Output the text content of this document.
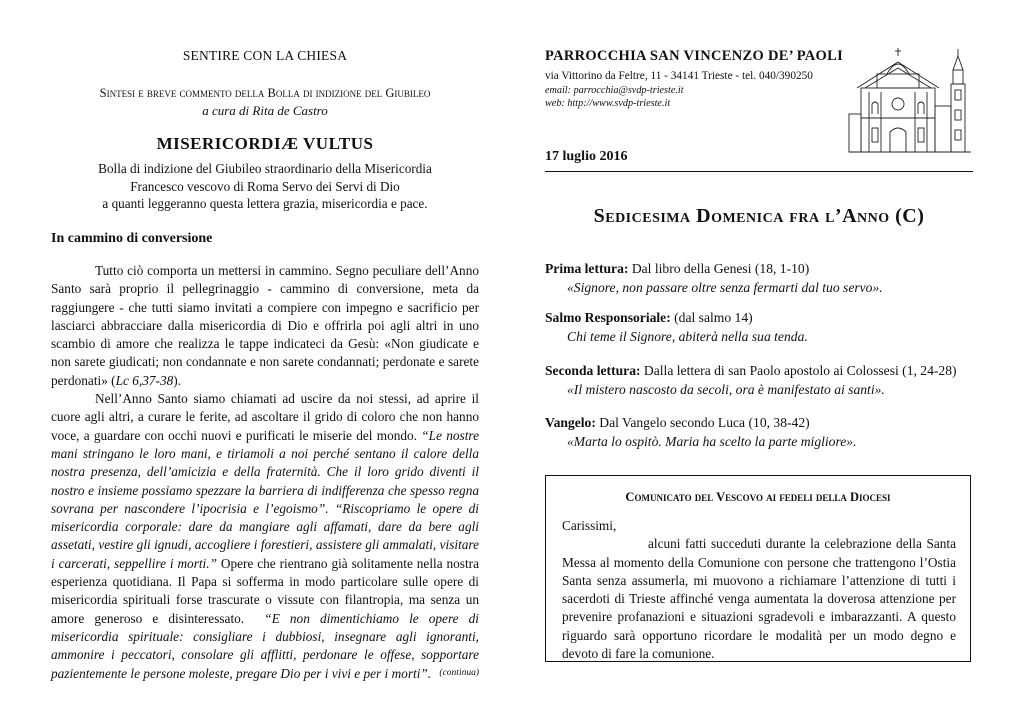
SENTIRE CON LA CHIESA
Sintesi e breve commento della Bolla di indizione del Giubileo
a cura di Rita de Castro
MISERICORDIÆ VULTUS
Bolla di indizione del Giubileo straordinario della Misericordia
Francesco vescovo di Roma Servo dei Servi di Dio
a quanti leggeranno questa lettera grazia, misericordia e pace.
In cammino di conversione

Tutto ciò comporta un mettersi in cammino. Segno peculiare dell’Anno Santo sarà proprio il pellegrinaggio - cammino di conversione, meta da raggiungere - che tutti siamo invitati a compiere con impegno e sacrificio per lasciarci abbracciare dalla misericordia di Dio e offrirla poi agli altri in uno scambio di amore che realizza le tappe indicateci da Gesù: «Non giudicate e non sarete giudicati; non condannate e non sarete condannati; perdonate e sarete perdonati» (Lc 6,37-38).

Nell’Anno Santo siamo chiamati ad uscire da noi stessi, ad aprire il cuore agli altri, a curare le ferite, ad ascoltare il grido di coloro che non hanno voce, a guardare con occhi nuovi e purificati le miserie del mondo. “Le nostre mani stringano le loro mani, e tiriamoli a noi perché sentano il calore della nostra presenza, dell’amicizia e della fraternità. Che il loro grido diventi il nostro e insieme possiamo spezzare la barriera di indifferenza che spesso regna sovrana per nascondere l’ipocrisia e l’egoismo”. “Riscopriamo le opere di misericordia corporale: dare da mangiare agli affamati, dare da bere agli assetati, vestire gli ignudi, accogliere i forestieri, assistere gli ammalati, visitare i carcerati, seppellire i morti.” Opere che rientrano già solitamente nella nostra esperienza quotidiana. Il Papa si sofferma in modo particolare sulle opere di misericordia spirituali forse trascurate o vissute con filantropia, ma senza un amore generoso e disinteressato. “E non dimentichiamo le opere di misericordia spirituale: consigliare i dubbiosi, insegnare agli ignoranti, ammonire i peccatori, consolare gli afflitti, perdonare le offese, sopportare pazientemente le persone moleste, pregare Dio per i vivi e per i morti”. (continua)
PARROCCHIA SAN VINCENZO DE’ PAOLI
via Vittorino da Feltre, 11 - 34141 Trieste - tel. 040/390250
email: parrocchia@svdp-trieste.it
web: http://www.svdp-trieste.it
17 luglio 2016
Sedicesima Domenica fra l’Anno (C)
Prima lettura: Dal libro della Genesi (18, 1-10)
«Signore, non passare oltre senza fermarti dal tuo servo».
Salmo Responsoriale: (dal salmo 14)
Chi teme il Signore, abiterà nella sua tenda.
Seconda lettura: Dalla lettera di san Paolo apostolo ai Colossesi (1, 24-28)
«Il mistero nascosto da secoli, ora è manifestato ai santi».
Vangelo: Dal Vangelo secondo Luca (10, 38-42)
«Marta lo ospitò. Maria ha scelto la parte migliore».
Comunicato del Vescovo ai fedeli della Diocesi

Carissimi,

alcuni fatti succeduti durante la celebrazione della Santa Messa al momento della Comunione con persone che trattengono l’Ostia Santa senza assumerla, mi muovono a richiamare l’attenzione di tutti i sacerdoti di Trieste affinché venga aumentata la doverosa attenzione per prevenire profanazioni e situazioni sgradevoli e imbarazzanti. A questo riguardo sarà opportuno ricordare le modalità per un modo degno e devoto di fare la comunione.
